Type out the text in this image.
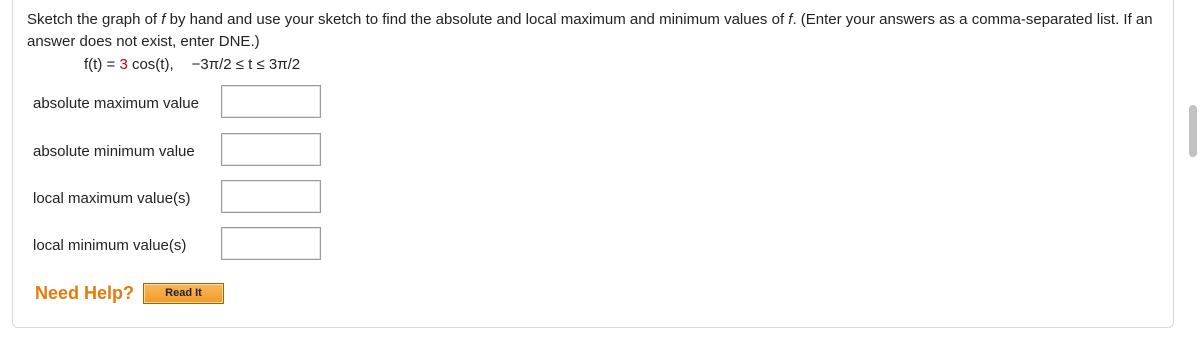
Sketch the graph of f by hand and use your sketch to find the absolute and local maximum and minimum values of f. (Enter your answers as a comma-separated list. If an answer does not exist, enter DNE.)
f(t) = 3 cos(t), −3π/2 ≤ t ≤ 3π/2
absolute maximum value
absolute minimum value
local maximum value(s)
local minimum value(s)
Need Help?	Read It
